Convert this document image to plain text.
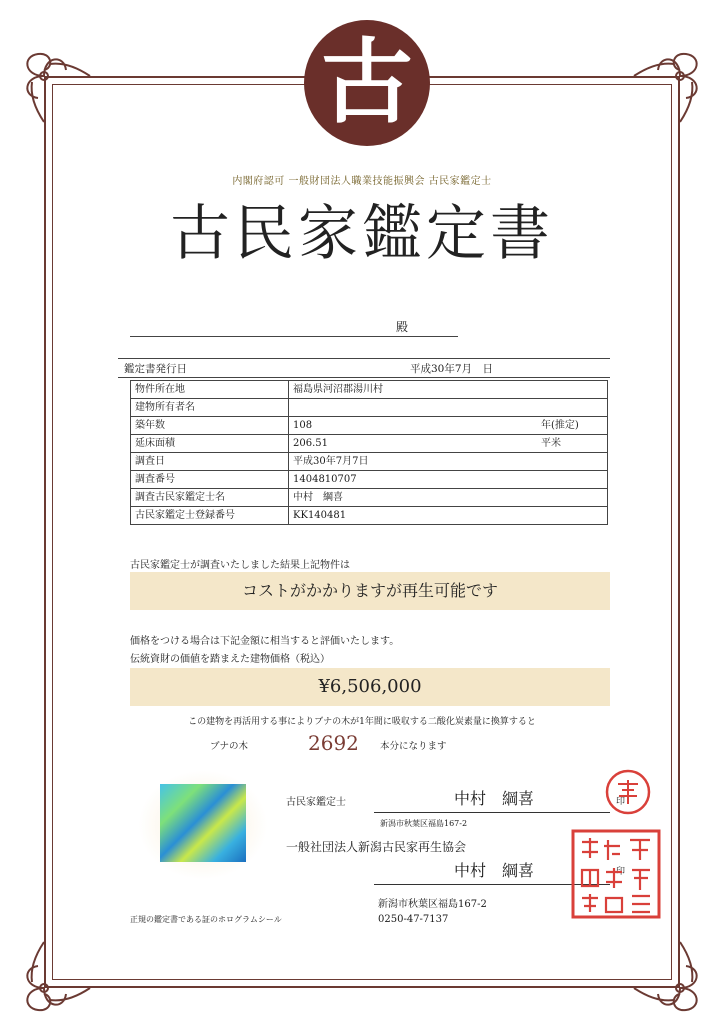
古
内閣府認可 一般財団法人職業技能振興会 古民家鑑定士
古民家鑑定書
殿
鑑定書発行日	平成30年7月　日
物件所在地	福島県河沼郡湯川村
建物所有者名	
築年数	108 年(推定)

延床面積	206.51 平米

調査日	平成30年7月7日
調査番号	1404810707
調査古民家鑑定士名	中村　綱喜
古民家鑑定士登録番号	KK140481
古民家鑑定士が調査いたしました結果上記物件は
コストがかかりますが再生可能です
価格をつける場合は下記金額に相当すると評価いたします。
伝統資財の価値を踏まえた建物価格（税込）
¥6,506,000
この建物を再活用する事によりブナの木が1年間に吸収する二酸化炭素量に換算すると
ブナの木	2692 本分になります
正規の鑑定書である証のホログラムシール
古民家鑑定士	中村　綱喜	印
新潟市秋葉区福島167-2
一般社団法人新潟古民家再生協会
中村　綱喜	印
新潟市秋葉区福島167-2
0250-47-7137
